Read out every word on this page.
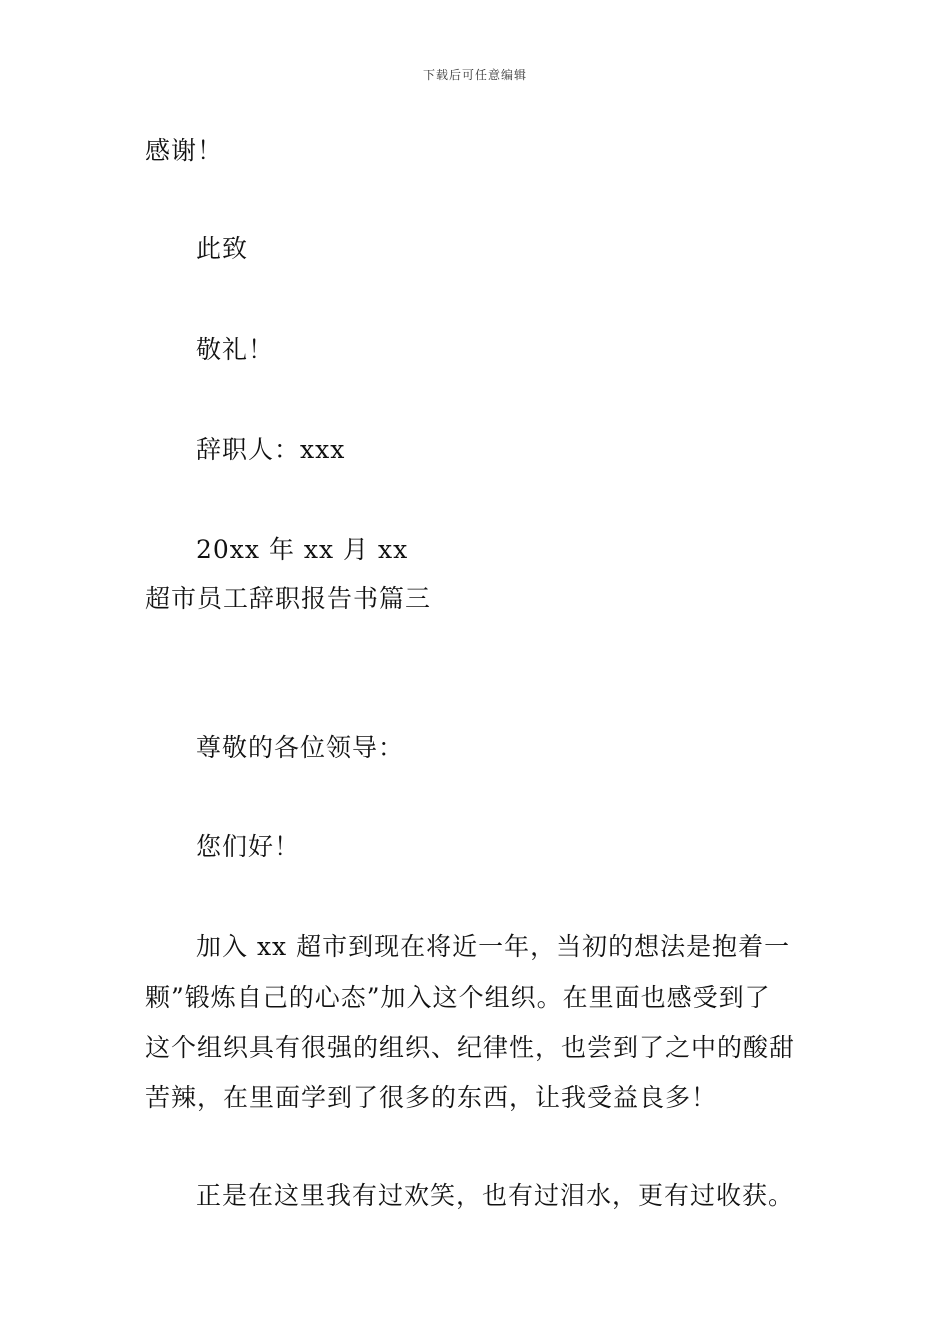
下载后可任意编辑
感谢！
此致
敬礼！
辞职人：xxx
20xx 年 xx 月 xx
超市员工辞职报告书篇三
尊敬的各位领导：
您们好！
加入 xx 超市到现在将近一年，当初的想法是抱着一
颗”锻炼自己的心态”加入这个组织。在里面也感受到了
这个组织具有很强的组织、纪律性，也尝到了之中的酸甜
苦辣，在里面学到了很多的东西，让我受益良多！
正是在这里我有过欢笑，也有过泪水，更有过收获。
